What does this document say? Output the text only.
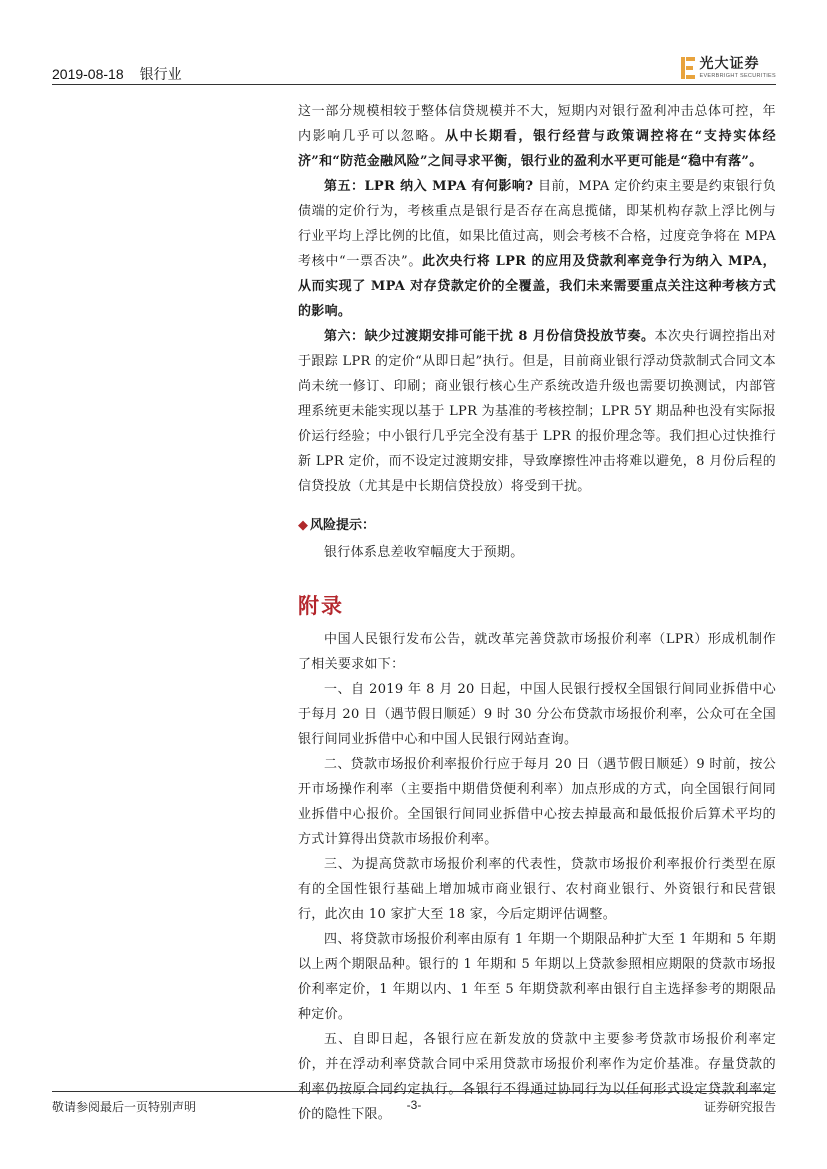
2019-08-18 银行业
光大证券
EVERBRIGHT SECURITIES

这一部分规模相较于整体信贷规模并不大，短期内对银行盈利冲击总体可控，年内影响几乎可以忽略。从中长期看，银行经营与政策调控将在“支持实体经济”和“防范金融风险”之间寻求平衡，银行业的盈利水平更可能是“稳中有落”。

第五：LPR 纳入 MPA 有何影响? 目前，MPA 定价约束主要是约束银行负债端的定价行为，考核重点是银行是否存在高息揽储，即某机构存款上浮比例与行业平均上浮比例的比值，如果比值过高，则会考核不合格，过度竞争将在 MPA 考核中“一票否决”。此次央行将 LPR 的应用及贷款利率竞争行为纳入 MPA，从而实现了 MPA 对存贷款定价的全覆盖，我们未来需要重点关注这种考核方式的影响。

第六：缺少过渡期安排可能干扰 8 月份信贷投放节奏。本次央行调控指出对于跟踪 LPR 的定价“从即日起”执行。但是，目前商业银行浮动贷款制式合同文本尚未统一修订、印刷；商业银行核心生产系统改造升级也需要切换测试，内部管理系统更未能实现以基于 LPR 为基准的考核控制；LPR 5Y 期品种也没有实际报价运行经验；中小银行几乎完全没有基于 LPR 的报价理念等。我们担心过快推行新 LPR 定价，而不设定过渡期安排，导致摩擦性冲击将难以避免，8 月份后程的信贷投放（尤其是中长期信贷投放）将受到干扰。

◆ 风险提示：

银行体系息差收窄幅度大于预期。

附录

中国人民银行发布公告，就改革完善贷款市场报价利率（LPR）形成机制作了相关要求如下：

一、自 2019 年 8 月 20 日起，中国人民银行授权全国银行间同业拆借中心于每月 20 日（遇节假日顺延）9 时 30 分公布贷款市场报价利率，公众可在全国银行间同业拆借中心和中国人民银行网站查询。

二、贷款市场报价利率报价行应于每月 20 日（遇节假日顺延）9 时前，按公开市场操作利率（主要指中期借贷便利利率）加点形成的方式，向全国银行间同业拆借中心报价。全国银行间同业拆借中心按去掉最高和最低报价后算术平均的方式计算得出贷款市场报价利率。

三、为提高贷款市场报价利率的代表性，贷款市场报价利率报价行类型在原有的全国性银行基础上增加城市商业银行、农村商业银行、外资银行和民营银行，此次由 10 家扩大至 18 家，今后定期评估调整。

四、将贷款市场报价利率由原有 1 年期一个期限品种扩大至 1 年期和 5 年期以上两个期限品种。银行的 1 年期和 5 年期以上贷款参照相应期限的贷款市场报价利率定价，1 年期以内、1 年至 5 年期贷款利率由银行自主选择参考的期限品种定价。

五、自即日起，各银行应在新发放的贷款中主要参考贷款市场报价利率定价，并在浮动利率贷款合同中采用贷款市场报价利率作为定价基准。存量贷款的利率仍按原合同约定执行。各银行不得通过协同行为以任何形式设定贷款利率定价的隐性下限。

敬请参阅最后一页特别声明	-3-	证券研究报告
